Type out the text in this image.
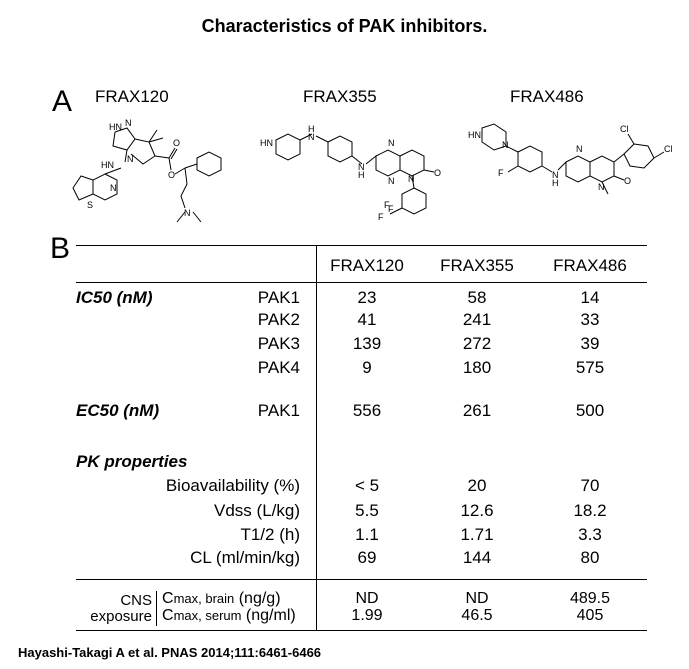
Characteristics of PAK inhibitors.
A FRAX120	FRAX355	FRAX486
HN N
HN
N
O
O
N
N
S
HN
H
N
N
H
N
N N
O
F
F
F
HN
N
F	N
H
N
N
O
Cl
Cl
B
FRAX120	FRAX355	FRAX486
IC50 (nM)	PAK1	23	58	14
PAK2	41	241	33
PAK3	139	272	39
PAK4	9	180	575
EC50 (nM)	PAK1	556	261	500
PK properties
Bioavailability (%)	< 5	20	70
Vdss (L/kg)	5.5	12.6	18.2
T1/2 (h)	1.1	1.71	3.3
CL (ml/min/kg)	69	144	80
CNS
exposure
Cmax, brain (ng/g)	ND	ND	489.5
Cmax, serum (ng/ml)	1.99	46.5	405
Hayashi-Takagi A et al. PNAS 2014;111:6461-6466
